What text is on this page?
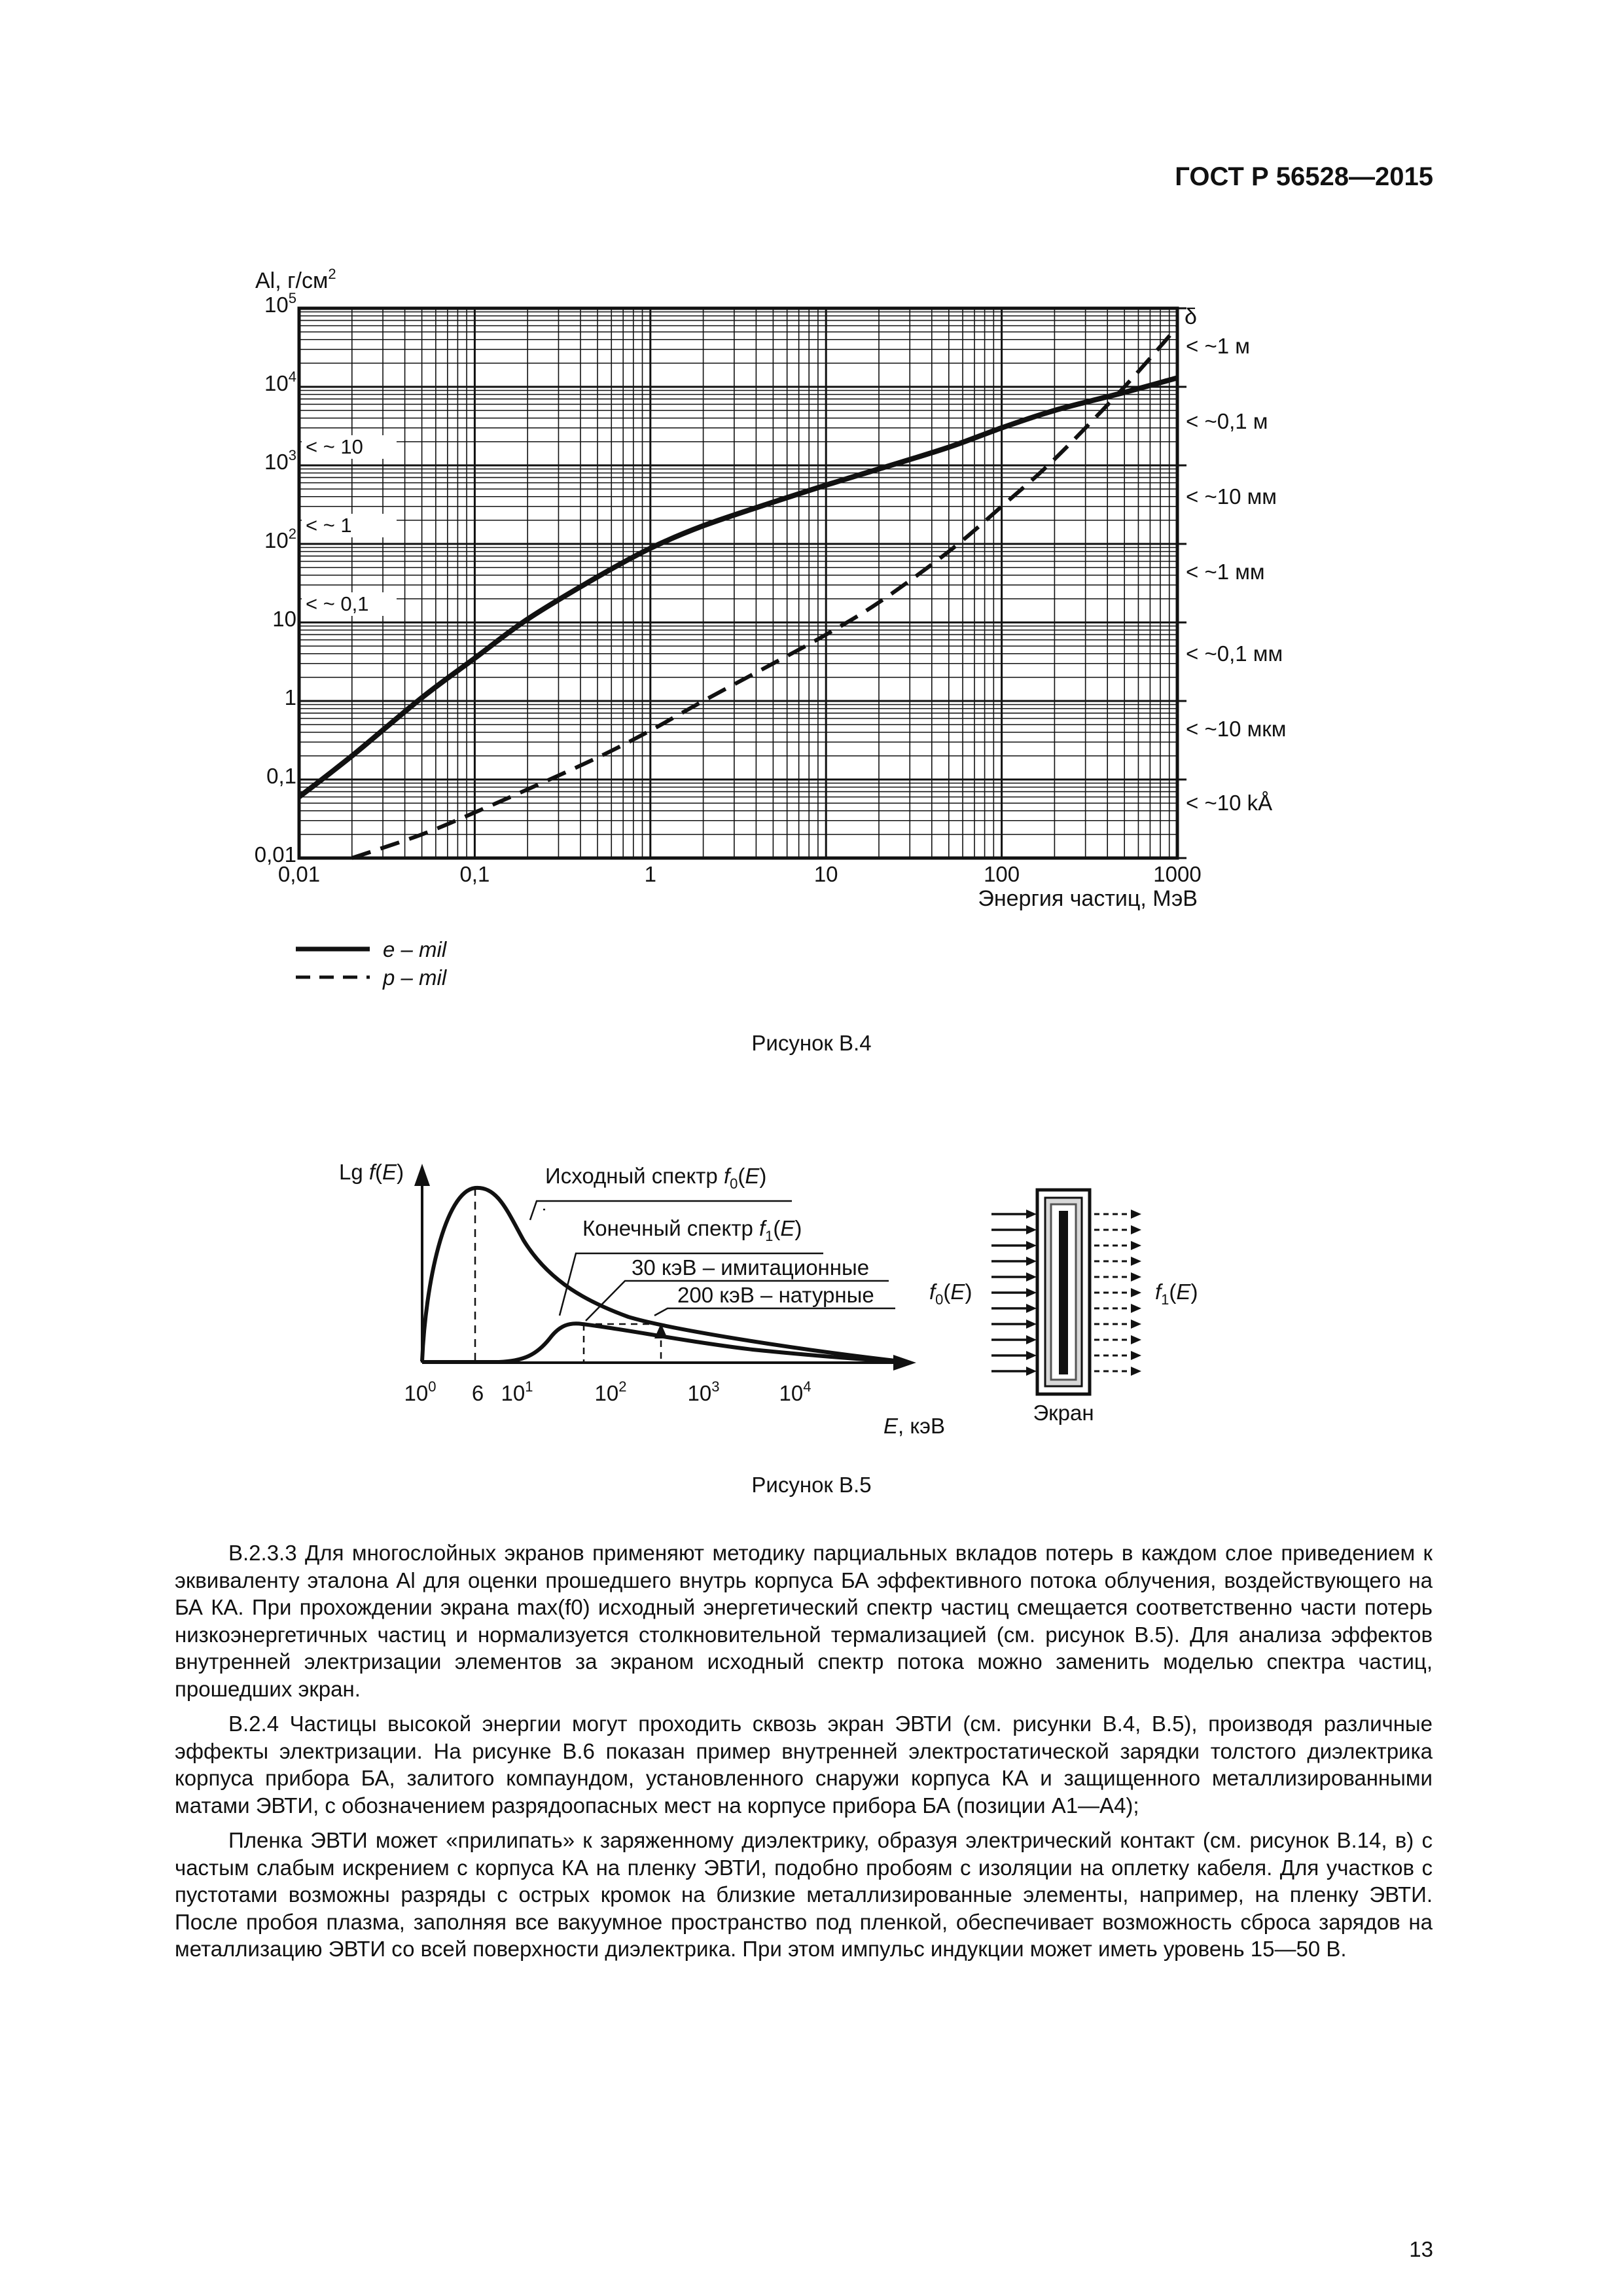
ГОСТ Р 56528—2015
0,01
0,1
1
10
$10^2$
$10^3$
$10^4$
$10^5$
0,01	0,1	1	10	100	1000
< ~ 0,1
< ~ 1
< ~ 10
< ~1 м
< ~0,1 м
< ~10 мм
< ~1 мм
< ~0,1 мм
< ~10 мкм
< ~10 kÅ
Al, $г/см^2$
δ
Энергия частиц, МэВ
e – mil
p – mil
Рисунок В.4
Lg f(E)	Исходный спектр $f_0(E)$
Конечный спектр $f_1(E)$
30 кэВ – имитационные
200 кэВ – натурные
$10^0$ 6 $10^1$	$10^2$	$10^3$	$10^4$
E, кэВ
$f_0(E)$	$f_1(E)$
Экран
Рисунок В.5

В.2.3.3 Для многослойных экранов применяют методику парциальных вкладов потерь в каждом слое приведением к эквиваленту эталона Al для оценки прошедшего внутрь корпуса БА эффективного потока облучения, воздействующего на БА КА. При прохождении экрана max(f0) исходный энергетический спектр частиц смещается соответственно части потерь низкоэнергетичных частиц и нормализуется столкновительной термализацией (см. рисунок В.5). Для анализа эффектов внутренней электризации элементов за экраном исходный спектр потока можно заменить моделью спектра частиц, прошедших экран.

В.2.4 Частицы высокой энергии могут проходить сквозь экран ЭВТИ (см. рисунки В.4, В.5), производя различные эффекты электризации. На рисунке В.6 показан пример внутренней электростатической зарядки толстого диэлектрика корпуса прибора БА, залитого компаундом, установленного снаружи корпуса КА и защищенного металлизированными матами ЭВТИ, с обозначением разрядоопасных мест на корпусе прибора БА (позиции A1—A4);

Пленка ЭВТИ может «прилипать» к заряженному диэлектрику, образуя электрический контакт (см. рисунок В.14, в) с частым слабым искрением с корпуса КА на пленку ЭВТИ, подобно пробоям с изоляции на оплетку кабеля. Для участков с пустотами возможны разряды с острых кромок на близкие металлизированные элементы, например, на пленку ЭВТИ. После пробоя плазма, заполняя все вакуумное пространство под пленкой, обеспечивает возможность сброса зарядов на металлизацию ЭВТИ со всей поверхности диэлектрика. При этом импульс индукции может иметь уровень 15—50 В.

13
